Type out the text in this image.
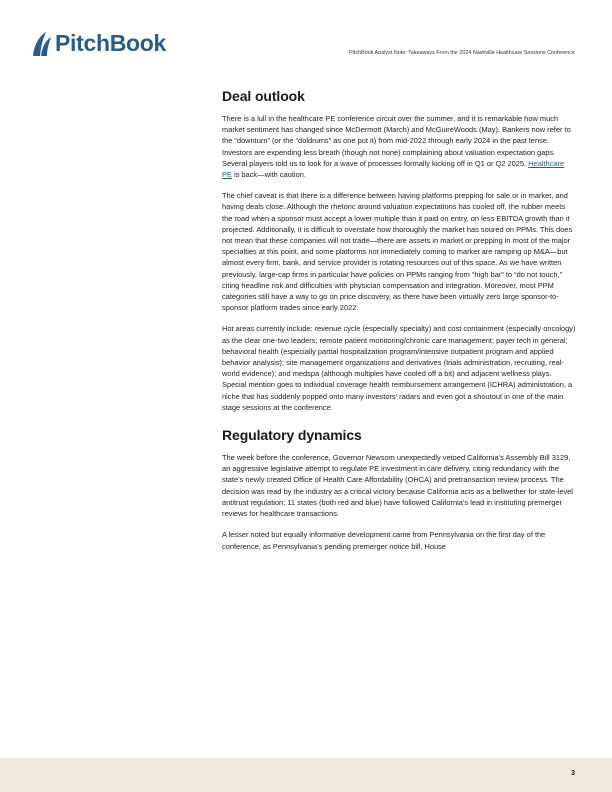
PitchBook	PitchBook Analyst Note: Takeaways From the 2024 Nashville Healthcare Sessions Conference
Deal outlook

There is a lull in the healthcare PE conference circuit over the summer, and it is remarkable how much market sentiment has changed since McDermott (March) and McGuireWoods (May). Bankers now refer to the “downturn” (or the “doldrums” as one put it) from mid-2022 through early 2024 in the past tense. Investors are expending less breath (though not none) complaining about valuation expectation gaps. Several players told us to look for a wave of processes formally kicking off in Q1 or Q2 2025. Healthcare PE is back—with caution.

The chief caveat is that there is a difference between having platforms prepping for sale or in market, and having deals close. Although the rhetoric around valuation expectations has cooled off, the rubber meets the road when a sponsor must accept a lower multiple than it paid on entry, on less EBITDA growth than it projected. Additionally, it is difficult to overstate how thoroughly the market has soured on PPMs. This does not mean that these companies will not trade—there are assets in market or prepping in most of the major specialties at this point, and some platforms not immediately coming to market are ramping up M&A—but almost every firm, bank, and service provider is rotating resources out of this space. As we have written previously, large-cap firms in particular have policies on PPMs ranging from “high bar” to “do not touch,” citing headline risk and difficulties with physician compensation and integration. Moreover, most PPM categories still have a way to go on price discovery, as there have been virtually zero large sponsor-to-sponsor platform trades since early 2022.

Hot areas currently include: revenue cycle (especially specialty) and cost containment (especially oncology) as the clear one-two leaders; remote patient monitoring/chronic care management; payer tech in general; behavioral health (especially partial hospitalization program/intensive outpatient program and applied behavior analysis); site management organizations and derivatives (trials administration, recruiting, real-world evidence); and medspa (although multiples have cooled off a bit) and adjacent wellness plays. Special mention goes to individual coverage health reimbursement arrangement (ICHRA) administration, a niche that has suddenly popped onto many investors’ radars and even got a shoutout in one of the main stage sessions at the conference.

Regulatory dynamics

The week before the conference, Governor Newsom unexpectedly vetoed California’s Assembly Bill 3129, an aggressive legislative attempt to regulate PE investment in care delivery, citing redundancy with the state’s newly created Office of Health Care Affordability (OHCA) and pretransaction review process. The decision was read by the industry as a critical victory because California acts as a bellwether for state-level antitrust regulation; 11 states (both red and blue) have followed California’s lead in instituting premerger reviews for healthcare transactions.

A lesser noted but equally informative development came from Pennsylvania on the first day of the conference, as Pennsylvania’s pending premerger notice bill, House

3
